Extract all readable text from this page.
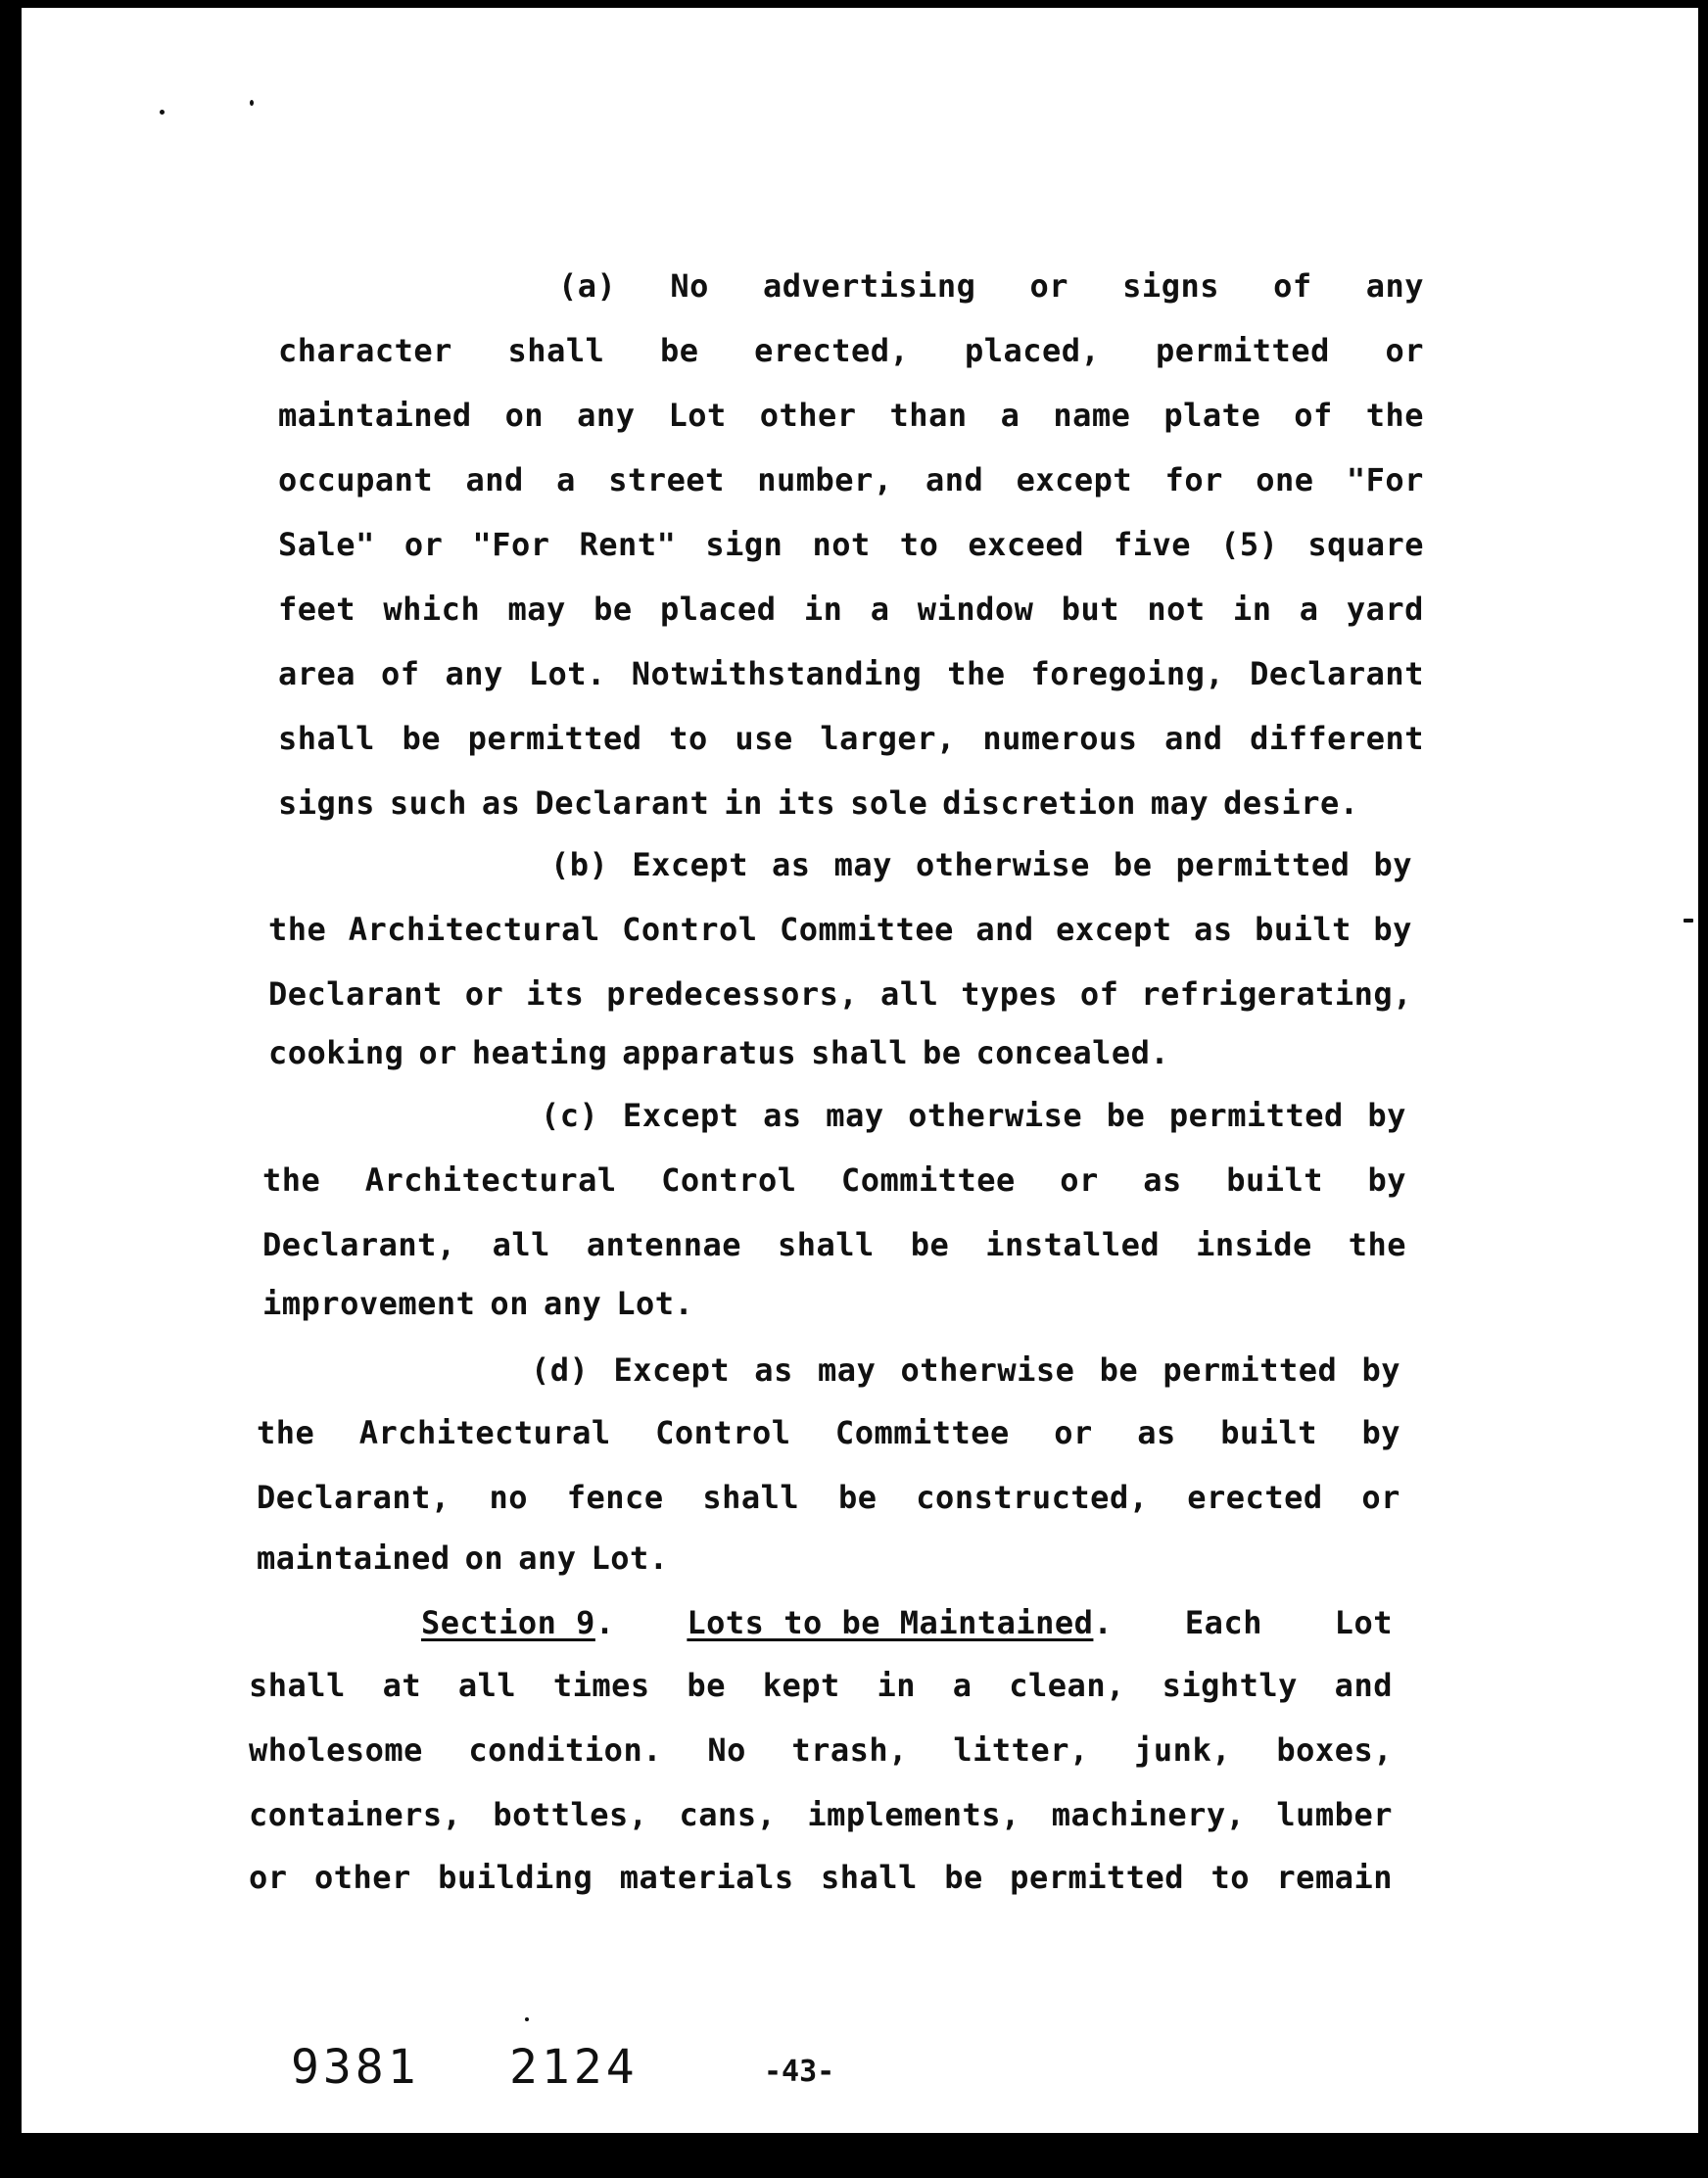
(a) No advertising or signs of any
character shall be erected, placed, permitted or
maintained on any Lot other than a name plate of the
occupant and a street number, and except for one "For
Sale" or "For Rent" sign not to exceed five (5) square
feet which may be placed in a window but not in a yard
area of any Lot. Notwithstanding the foregoing, Declarant
shall be permitted to use larger, numerous and different
signs such as Declarant in its sole discretion may desire.
(b) Except as may otherwise be permitted by
the Architectural Control Committee and except as built by
Declarant or its predecessors, all types of refrigerating,
cooking or heating apparatus shall be concealed.
(c) Except as may otherwise be permitted by
the Architectural Control Committee or as built by
Declarant, all antennae shall be installed inside the
improvement on any Lot.
(d) Except as may otherwise be permitted by
the Architectural Control Committee or as built by
Declarant, no fence shall be constructed, erected or
maintained on any Lot.
Section 9. Lots to be Maintained. Each Lot
shall at all times be kept in a clean, sightly and
wholesome condition. No trash, litter, junk, boxes,
containers, bottles, cans, implements, machinery, lumber
or other building materials shall be permitted to remain
9381 2124	-43-
